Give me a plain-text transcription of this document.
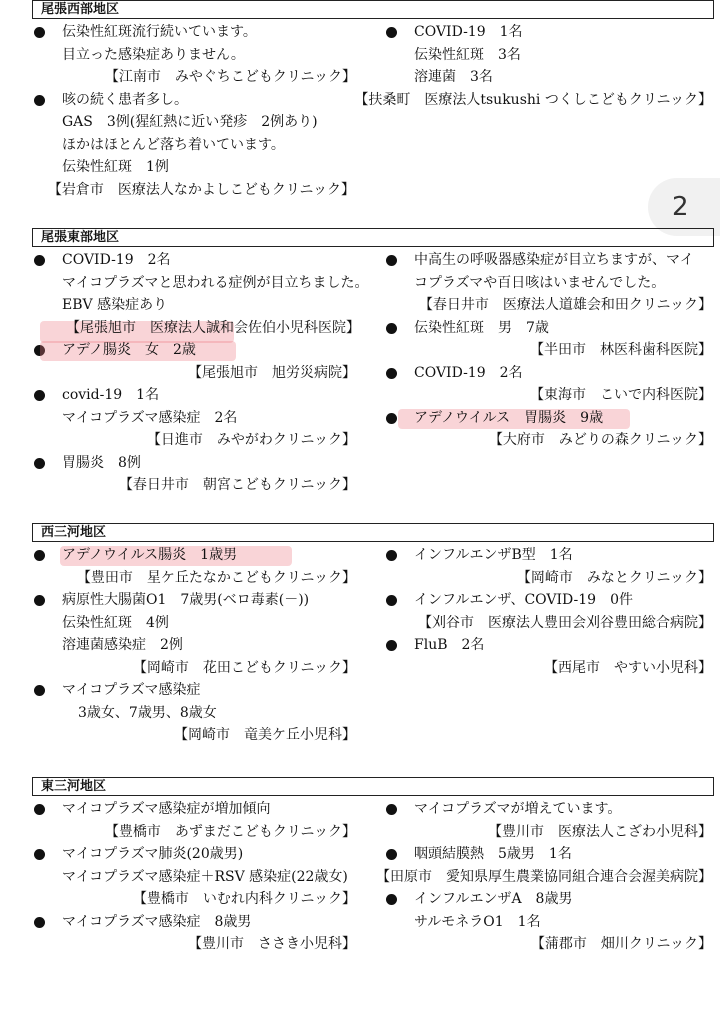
2
尾張西部地区
伝染性紅斑流行続いています。
目立った感染症ありません。
【江南市　みやぐちこどもクリニック】
咳の続く患者多し。
GAS　3例(猩紅熱に近い発疹　2例あり)
ほかはほとんど落ち着いています。
伝染性紅斑　1例
【岩倉市　医療法人なかよしこどもクリニック】
COVID-19　1名
伝染性紅斑　3名
溶連菌　3名
【扶桑町　医療法人tsukushi つくしこどもクリニック】
尾張東部地区
COVID-19　2名
マイコプラズマと思われる症例が目立ちました。
EBV 感染症あり
【尾張旭市　医療法人誠和会佐伯小児科医院】
アデノ腸炎　女　2歳
【尾張旭市　旭労災病院】
covid-19　1名
マイコプラズマ感染症　2名
【日進市　みやがわクリニック】
胃腸炎　8例
【春日井市　朝宮こどもクリニック】
中高生の呼吸器感染症が目立ちますが、マイ
コプラズマや百日咳はいませんでした。
【春日井市　医療法人道雄会和田クリニック】
伝染性紅斑　男　7歳
【半田市　林医科歯科医院】
COVID-19　2名
【東海市　こいで内科医院】
アデノウイルス　胃腸炎　9歳
【大府市　みどりの森クリニック】
西三河地区
アデノウイルス腸炎　1歳男
【豊田市　星ケ丘たなかこどもクリニック】
病原性大腸菌O1　7歳男(ベロ毒素(－))
伝染性紅斑　4例
溶連菌感染症　2例
【岡崎市　花田こどもクリニック】
マイコプラズマ感染症
3歳女、7歳男、8歳女
【岡崎市　竜美ケ丘小児科】
インフルエンザB型　1名
【岡崎市　みなとクリニック】
インフルエンザ、COVID-19　0件
【刈谷市　医療法人豊田会刈谷豊田総合病院】
FluB　2名
【西尾市　やすい小児科】
東三河地区
マイコプラズマ感染症が増加傾向
【豊橋市　あずまだこどもクリニック】
マイコプラズマ肺炎(20歳男)
マイコプラズマ感染症＋RSV 感染症(22歳女)
【豊橋市　いむれ内科クリニック】
マイコプラズマ感染症　8歳男
【豊川市　ささき小児科】
マイコプラズマが増えています。
【豊川市　医療法人こざわ小児科】
咽頭結膜熱　5歳男　1名
【田原市　愛知県厚生農業協同組合連合会渥美病院】
インフルエンザA　8歳男
サルモネラO1　1名
【蒲郡市　畑川クリニック】
